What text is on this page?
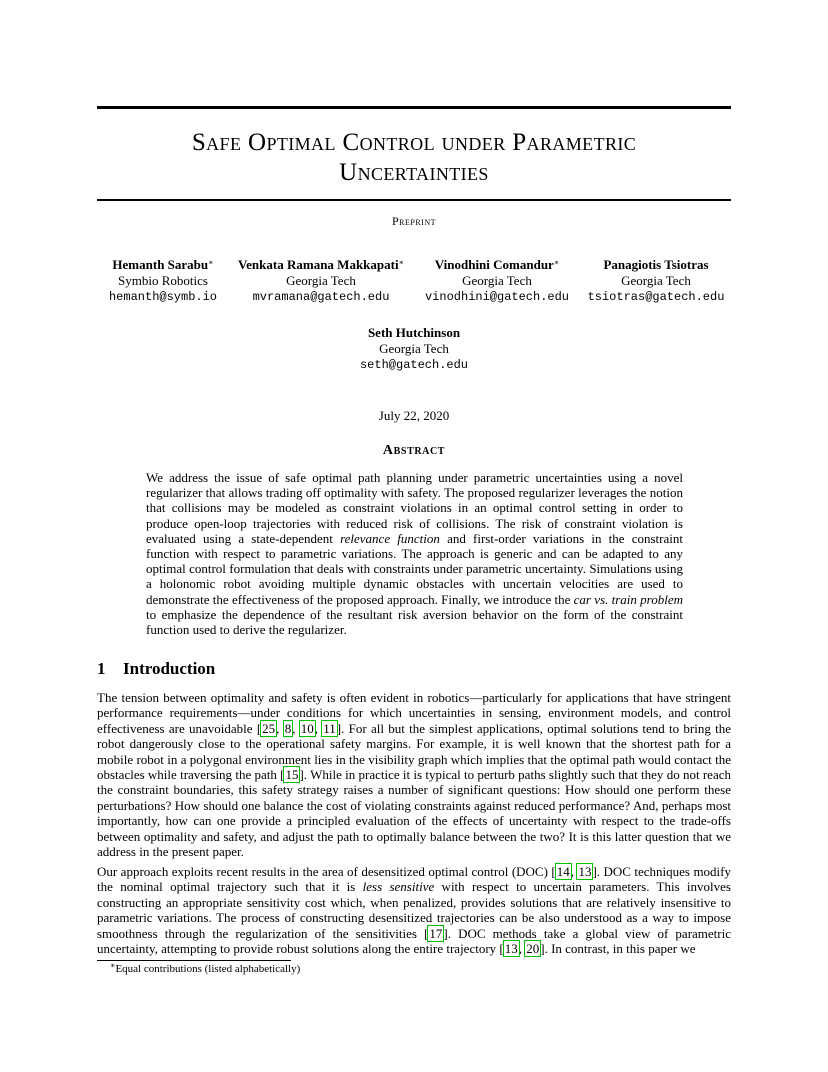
Safe Optimal Control under Parametric
Uncertainties
Preprint
Hemanth Sarabu∗
Symbio Robotics
hemanth@symb.io
Venkata Ramana Makkapati∗
Georgia Tech
mvramana@gatech.edu
Vinodhini Comandur∗
Georgia Tech
vinodhini@gatech.edu
Panagiotis Tsiotras
Georgia Tech
tsiotras@gatech.edu
Seth Hutchinson
Georgia Tech
seth@gatech.edu
July 22, 2020
Abstract
We address the issue of safe optimal path planning under parametric uncertainties using a novel regularizer that allows trading off optimality with safety. The proposed regularizer leverages the notion that collisions may be modeled as constraint violations in an optimal control setting in order to produce open-loop trajectories with reduced risk of collisions. The risk of constraint violation is evaluated using a state-dependent relevance function and first-order variations in the constraint function with respect to parametric variations. The approach is generic and can be adapted to any optimal control formulation that deals with constraints under parametric uncertainty. Simulations using a holonomic robot avoiding multiple dynamic obstacles with uncertain velocities are used to demonstrate the effectiveness of the proposed approach. Finally, we introduce the car vs. train problem to emphasize the dependence of the resultant risk aversion behavior on the form of the constraint function used to derive the regularizer.
1 Introduction
The tension between optimality and safety is often evident in robotics—particularly for applications that have stringent performance requirements—under conditions for which uncertainties in sensing, environment models, and control effectiveness are unavoidable [25, 8, 10, 11]. For all but the simplest applications, optimal solutions tend to bring the robot dangerously close to the operational safety margins. For example, it is well known that the shortest path for a mobile robot in a polygonal environment lies in the visibility graph which implies that the optimal path would contact the obstacles while traversing the path [15]. While in practice it is typical to perturb paths slightly such that they do not reach the constraint boundaries, this safety strategy raises a number of significant questions: How should one perform these perturbations? How should one balance the cost of violating constraints against reduced performance? And, perhaps most importantly, how can one provide a principled evaluation of the effects of uncertainty with respect to the trade-offs between optimality and safety, and adjust the path to optimally balance between the two? It is this latter question that we address in the present paper.
Our approach exploits recent results in the area of desensitized optimal control (DOC) [14, 13]. DOC techniques modify the nominal optimal trajectory such that it is less sensitive with respect to uncertain parameters. This involves constructing an appropriate sensitivity cost which, when penalized, provides solutions that are relatively insensitive to parametric variations. The process of constructing desensitized trajectories can be also understood as a way to impose smoothness through the regularization of the sensitivities [17]. DOC methods take a global view of parametric uncertainty, attempting to provide robust solutions along the entire trajectory [13, 20]. In contrast, in this paper we
∗Equal contributions (listed alphabetically)
